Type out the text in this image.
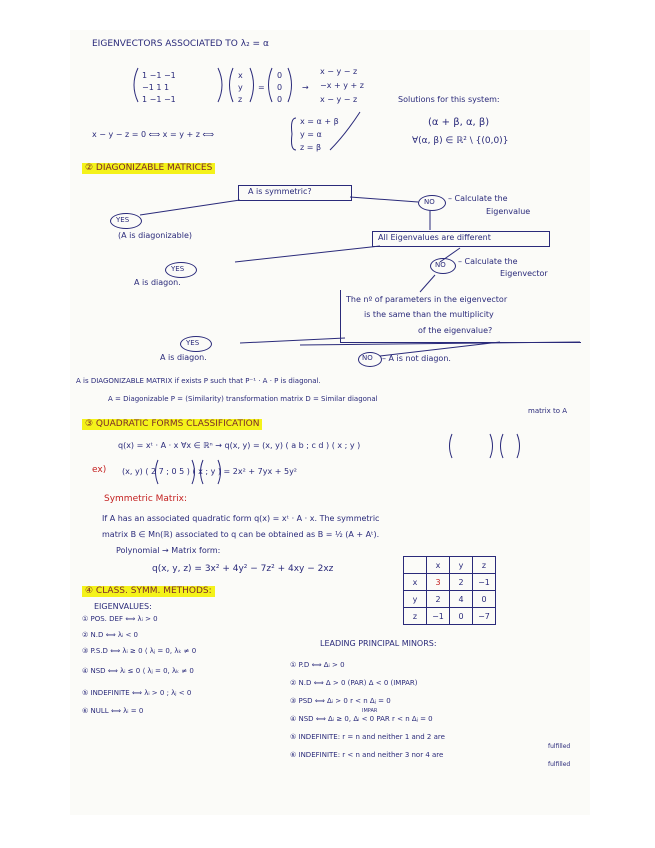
EIGENVECTORS ASSOCIATED TO λ₂ = α
1 −1 −1
−1 1 1
1 −1 −1
x
y
z
=
0
0
0
→
x − y − z
−x + y + z
x − y − z	Solutions for this system:
(α + β, α, β)
∀(α, β) ∈ ℝ² \ {(0,0)}
x − y − z = 0 ⟺ x = y + z ⟺
x = α + β
y = α
z = β
② DIAGONIZABLE MATRICES
A is symmetric?
NO – Calculate the
Eigenvalue
YES
(A is diagonizable)	All Eigenvalues are different
NO – Calculate the
Eigenvector
YES
A is diagon.
The nº of parameters in the eigenvector
is the same than the multiplicity
of the eigenvalue?
YES
A is diagon.	NO – A is not diagon.
A is DIAGONIZABLE MATRIX if exists P such that P⁻¹ · A · P is diagonal.
A = Diagonizable P = (Similarity) transformation matrix D = Similar diagonal
matrix to A
③ QUADRATIC FORMS CLASSIFICATION
q(x) = xᵗ · A · x ∀x ∈ ℝⁿ → q(x, y) = (x, y) ( a b ; c d ) ( x ; y )
ex) (x, y) ( 2 7 ; 0 5 ) ( x ; y ) = 2x² + 7yx + 5y²
Symmetric Matrix:
If A has an associated quadratic form q(x) = xᵗ · A · x. The symmetric
matrix B ∈ Mn(ℝ) associated to q can be obtained as B = ½ (A + Aᵗ).
Polynomial → Matrix form:
q(x, y, z) = 3x² + 4y² − 7z² + 4xy − 2xz
		x	y	z
x	3	2	−1
y	2	4	0
z	−1	0	−7
④ CLASS. SYMM. METHODS:
EIGENVALUES:
① POS. DEF ⟺ λᵢ > 0
② N.D ⟺ λᵢ < 0
③ P.S.D ⟺ λᵢ ≥ 0 ⟨ λⱼ = 0, λₖ ≠ 0
④ NSD ⟺ λᵢ ≤ 0 ⟨ λⱼ = 0, λₖ ≠ 0
⑤ INDEFINITE ⟺ λᵢ > 0 ; λⱼ < 0
⑥ NULL ⟺ λᵢ = 0
LEADING PRINCIPAL MINORS:
① P.D ⟺ Δᵢ > 0
② N.D ⟺ Δ > 0 (PAR) Δ < 0 (IMPAR)
③ PSD ⟺ Δᵢ > 0 r < n Δⱼ = 0
IMPAR
④ NSD ⟺ Δᵢ ≥ 0, Δᵢ < 0 PAR r < n Δⱼ = 0
⑤ INDEFINITE: r = n and neither 1 and 2 are
fulfilled
⑥ INDEFINITE: r < n and neither 3 nor 4 are
fulfilled
